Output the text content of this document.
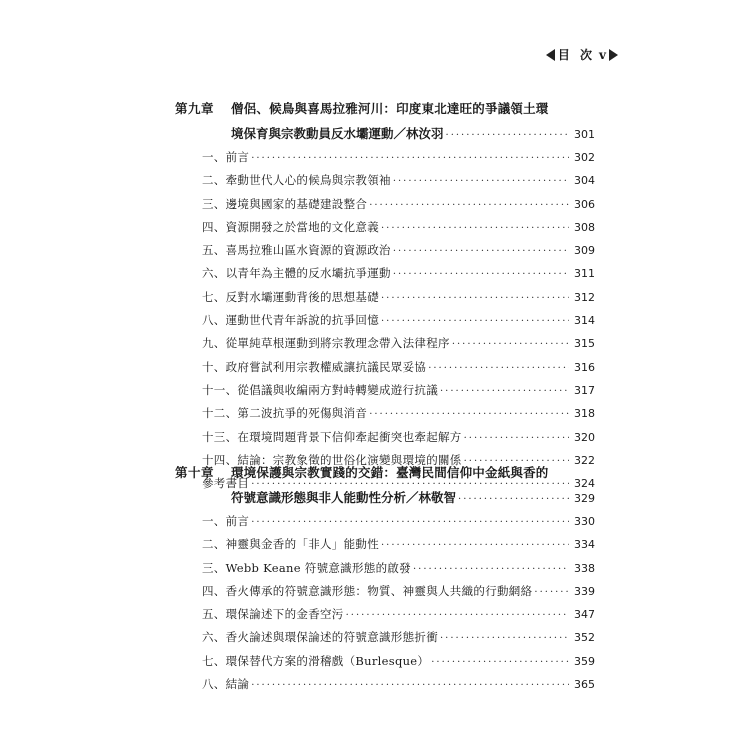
目 次 v
第九章	僧侶、候鳥與喜馬拉雅河川：印度東北達旺的爭議領土環
境保育與宗教動員反水壩運動／林汝羽 ·····	301
一、前言 ·····	302
二、牽動世代人心的候鳥與宗教領袖 ·····	304
三、邊境與國家的基礎建設整合 ·····	306
四、資源開發之於當地的文化意義 ·····	308
五、喜馬拉雅山區水資源的資源政治 ·····	309
六、以青年為主體的反水壩抗爭運動 ·····	311
七、反對水壩運動背後的思想基礎 ·····	312
八、運動世代青年訴說的抗爭回憶 ·····	314
九、從單純草根運動到將宗教理念帶入法律程序 ·····	315
十、政府嘗試利用宗教權威讓抗議民眾妥協 ·····	316
十一、從倡議與收編兩方對峙轉變成遊行抗議 ·····	317
十二、第二波抗爭的死傷與消音 ·····	318
十三、在環境問題背景下信仰牽起衝突也牽起解方 ·····	320
十四、結論：宗教象徵的世俗化演變與環境的關係 ·····	322
參考書目 ·····	324
第十章	環境保護與宗教實踐的交錯：臺灣民間信仰中金紙與香的
符號意識形態與非人能動性分析／林敬智 ·····	329
一、前言 ·····	330
二、神靈與金香的「非人」能動性 ·····	334
三、Webb Keane 符號意識形態的啟發 ·····	338
四、香火傳承的符號意識形態：物質、神靈與人共織的行動網絡 ·····	339
五、環保論述下的金香空污 ·····	347
六、香火論述與環保論述的符號意識形態折衝 ·····	352
七、環保替代方案的滑稽戲（Burlesque） ·····	359
八、結論 ·····	365
